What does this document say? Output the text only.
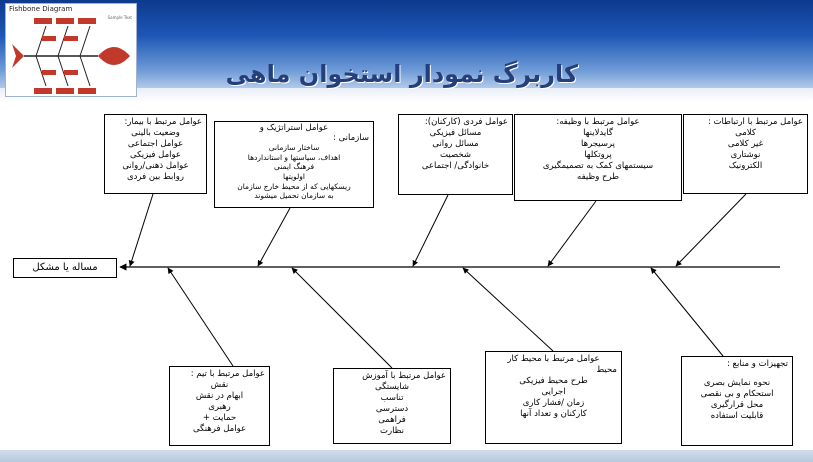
Fishbone Diagram
Sample Text
کاربرگ نمودار استخوان ماهی
مساله یا مشکل
عوامل مرتبط با بیمار:
وضعیت بالینی
عوامل اجتماعی
عوامل فیزیکی
عوامل ذهنی/روانی
روابط بین فردی
عوامل استراتژیک و
سازمانی :
ساختار سازمانی
اهداف، سیاستها و استانداردها
فرهنگ ایمنی
اولویتها
ریسکهایی که از محیط خارج سازمان
به سازمان تحمیل میشوند
عوامل فردی (کارکنان):
مسائل فیزیکی
مسائل روانی
شخصیت
خانوادگی/ اجتماعی
عوامل مرتبط با وظیفه:
گایدلاینها
پرسیجرها
پروتکلها
سیستمهای کمک به تصمیمگیری
طرح وظیفه
عوامل مرتبط با ارتباطات :
کلامی
غیر کلامی
نوشتاری
الکترونیک
عوامل مرتبط با تیم :
نقش
ابهام در نقش
رهبری
حمایت +
عوامل فرهنگی
عوامل مرتبط با آموزش
شایستگی
تناسب
دسترسی
فراهمی
نظارت
عوامل مرتبط با محیط کار
محیط
طرح محیط فیزیکی
اجرایی
زمان /فشار کاری
کارکنان و تعداد آنها
تجهیزات و منابع :
نحوه نمایش بصری
استحکام و بی نقصی
محل قرارگیری
قابلیت استفاده
